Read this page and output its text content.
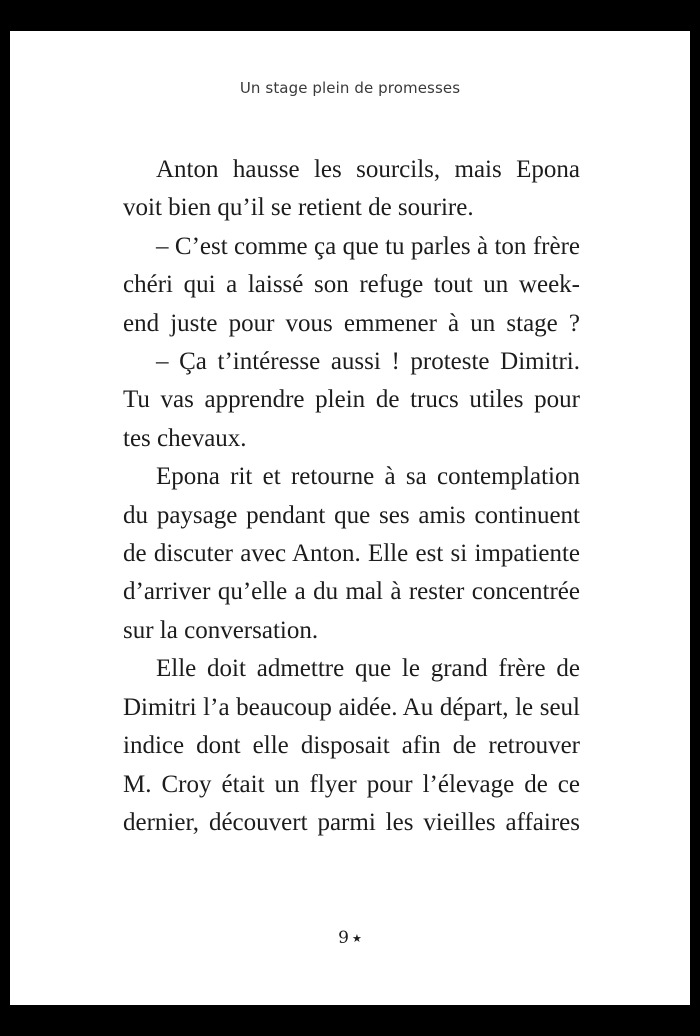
Un stage plein de promesses
Anton hausse les sourcils, mais Epona
voit bien qu’il se retient de sourire.
– C’est comme ça que tu parles à ton frère
chéri qui a laissé son refuge tout un week-
end juste pour vous emmener à un stage ?
– Ça t’intéresse aussi ! proteste Dimitri.
Tu vas apprendre plein de trucs utiles pour
tes chevaux.
Epona rit et retourne à sa contemplation
du paysage pendant que ses amis continuent
de discuter avec Anton. Elle est si impatiente
d’arriver qu’elle a du mal à rester concentrée
sur la conversation.
Elle doit admettre que le grand frère de
Dimitri l’a beaucoup aidée. Au départ, le seul
indice dont elle disposait afin de retrouver
M. Croy était un flyer pour l’élevage de ce
dernier, découvert parmi les vieilles affaires
9 ★
